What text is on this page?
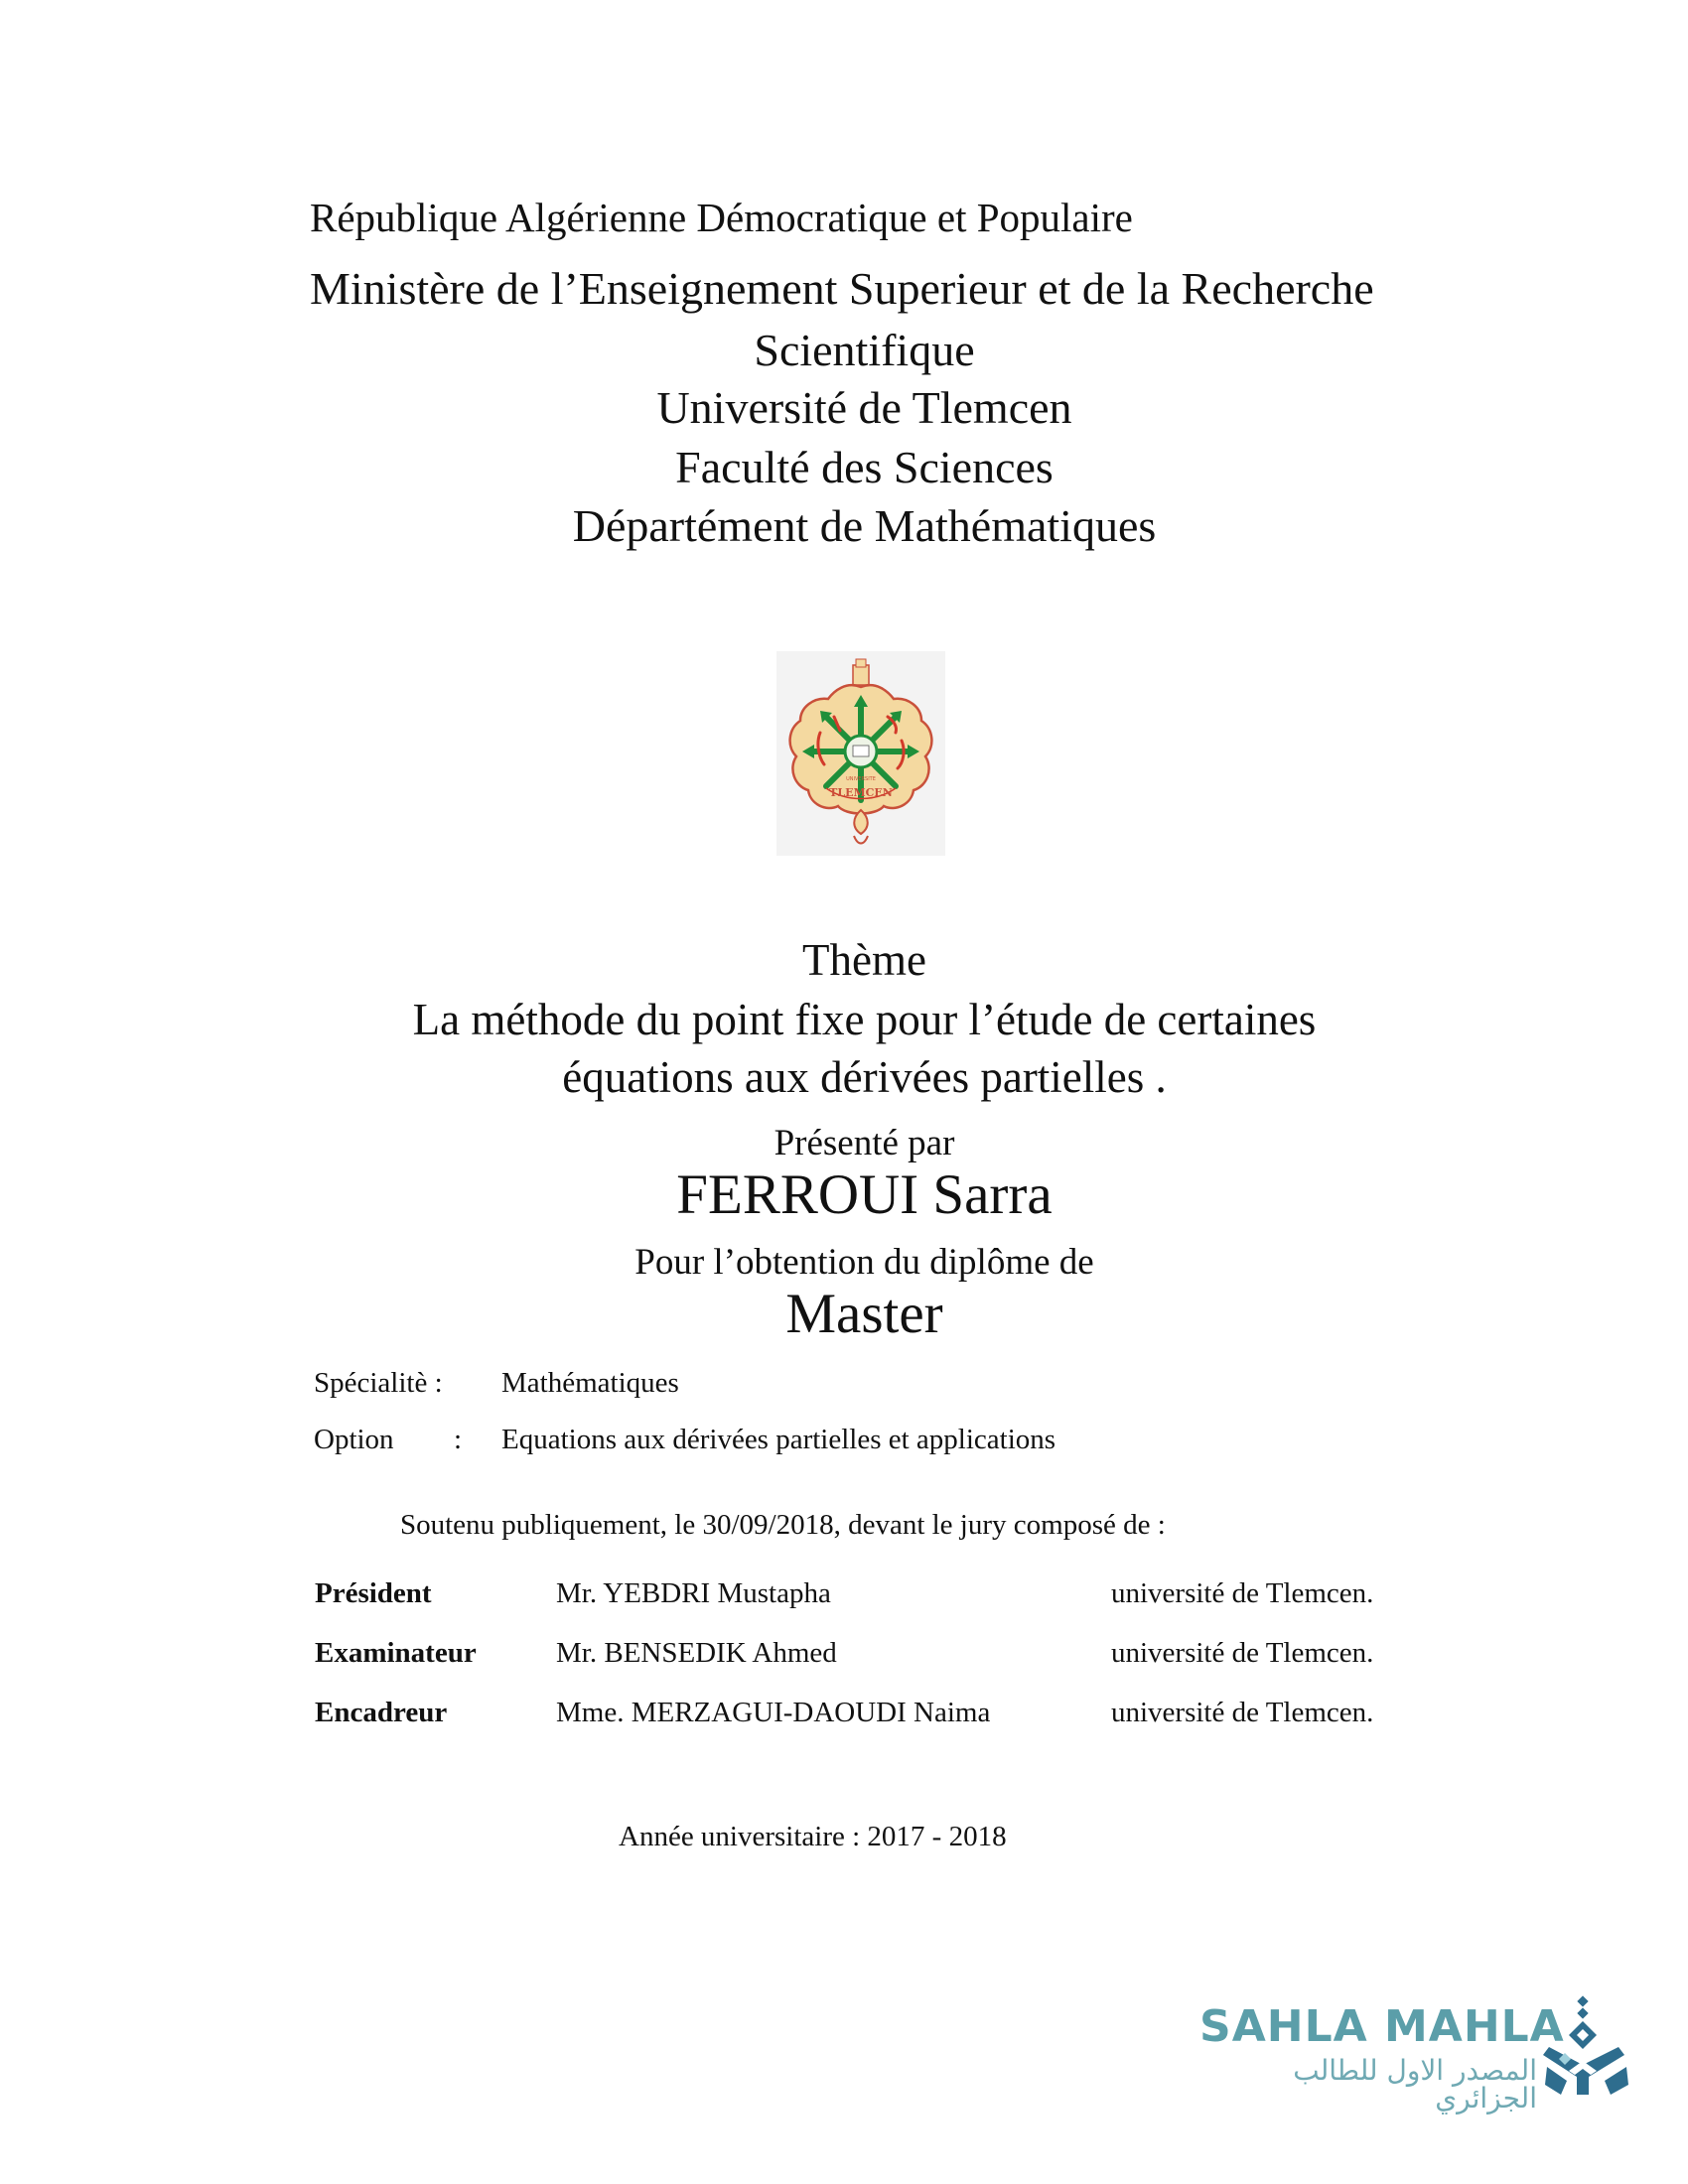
République Algérienne Démocratique et Populaire
Ministère de l’Enseignement Superieur et de la Recherche
Scientifique
Université de Tlemcen
Faculté des Sciences
Départément de Mathématiques
TLEMCEN
UNIVERSITE
Thème
La méthode du point fixe pour l’étude de certaines
équations aux dérivées partielles .
Présenté par
FERROUI Sarra
Pour l’obtention du diplôme de
Master
Spécialitè : Mathématiques
Option : Equations aux dérivées partielles et applications
Soutenu publiquement, le 30/09/2018, devant le jury composé de :
Président	Mr. YEBDRI Mustapha	université de Tlemcen.
Examinateur	Mr. BENSEDIK Ahmed	université de Tlemcen.
Encadreur	Mme. MERZAGUI-DAOUDI Naima	université de Tlemcen.
Année universitaire : 2017 - 2018
SAHLA MAHLA
المصدر الاول للطالب الجزائري
